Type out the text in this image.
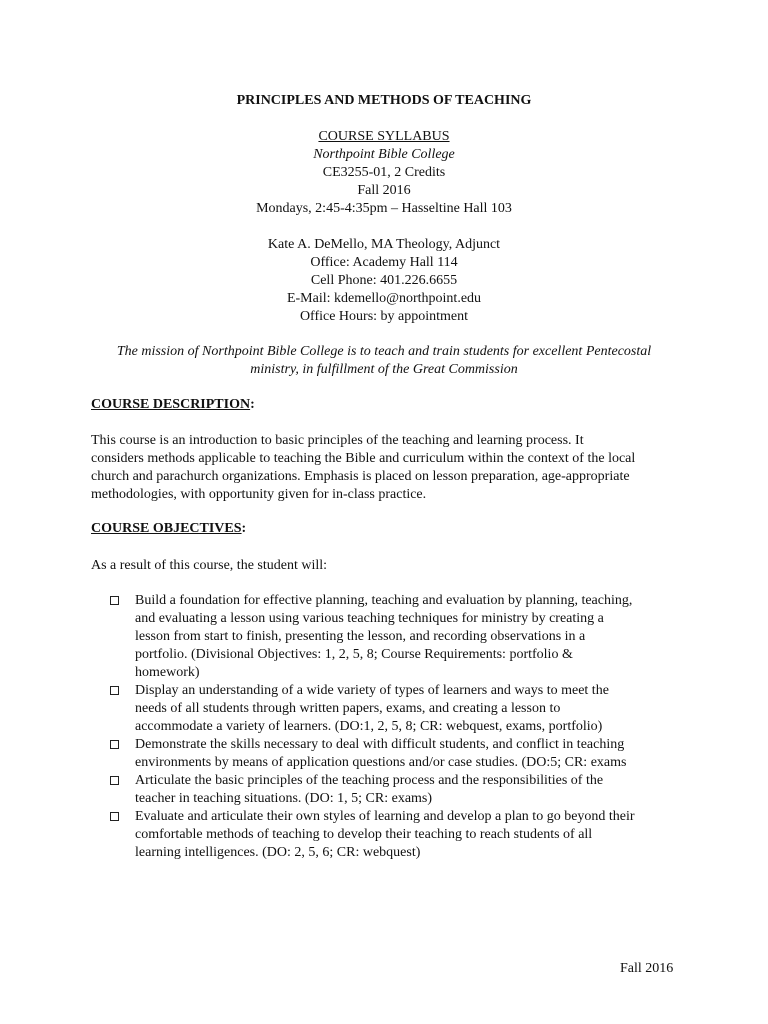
PRINCIPLES AND METHODS OF TEACHING
COURSE SYLLABUS
Northpoint Bible College
CE3255-01, 2 Credits
Fall 2016
Mondays, 2:45-4:35pm – Hasseltine Hall 103
Kate A. DeMello, MA Theology, Adjunct
Office: Academy Hall 114
Cell Phone: 401.226.6655
E-Mail: kdemello@northpoint.edu
Office Hours: by appointment
The mission of Northpoint Bible College is to teach and train students for excellent Pentecostal
ministry, in fulfillment of the Great Commission
COURSE DESCRIPTION:
This course is an introduction to basic principles of the teaching and learning process. It
considers methods applicable to teaching the Bible and curriculum within the context of the local
church and parachurch organizations. Emphasis is placed on lesson preparation, age-appropriate
methodologies, with opportunity given for in-class practice.
COURSE OBJECTIVES:
As a result of this course, the student will:
Build a foundation for effective planning, teaching and evaluation by planning, teaching,
and evaluating a lesson using various teaching techniques for ministry by creating a
lesson from start to finish, presenting the lesson, and recording observations in a
portfolio. (Divisional Objectives: 1, 2, 5, 8; Course Requirements: portfolio &
homework)
Display an understanding of a wide variety of types of learners and ways to meet the
needs of all students through written papers, exams, and creating a lesson to
accommodate a variety of learners. (DO:1, 2, 5, 8; CR: webquest, exams, portfolio)
Demonstrate the skills necessary to deal with difficult students, and conflict in teaching
environments by means of application questions and/or case studies. (DO:5; CR: exams
Articulate the basic principles of the teaching process and the responsibilities of the
teacher in teaching situations. (DO: 1, 5; CR: exams)
Evaluate and articulate their own styles of learning and develop a plan to go beyond their
comfortable methods of teaching to develop their teaching to reach students of all
learning intelligences. (DO: 2, 5, 6; CR: webquest)
Fall 2016
